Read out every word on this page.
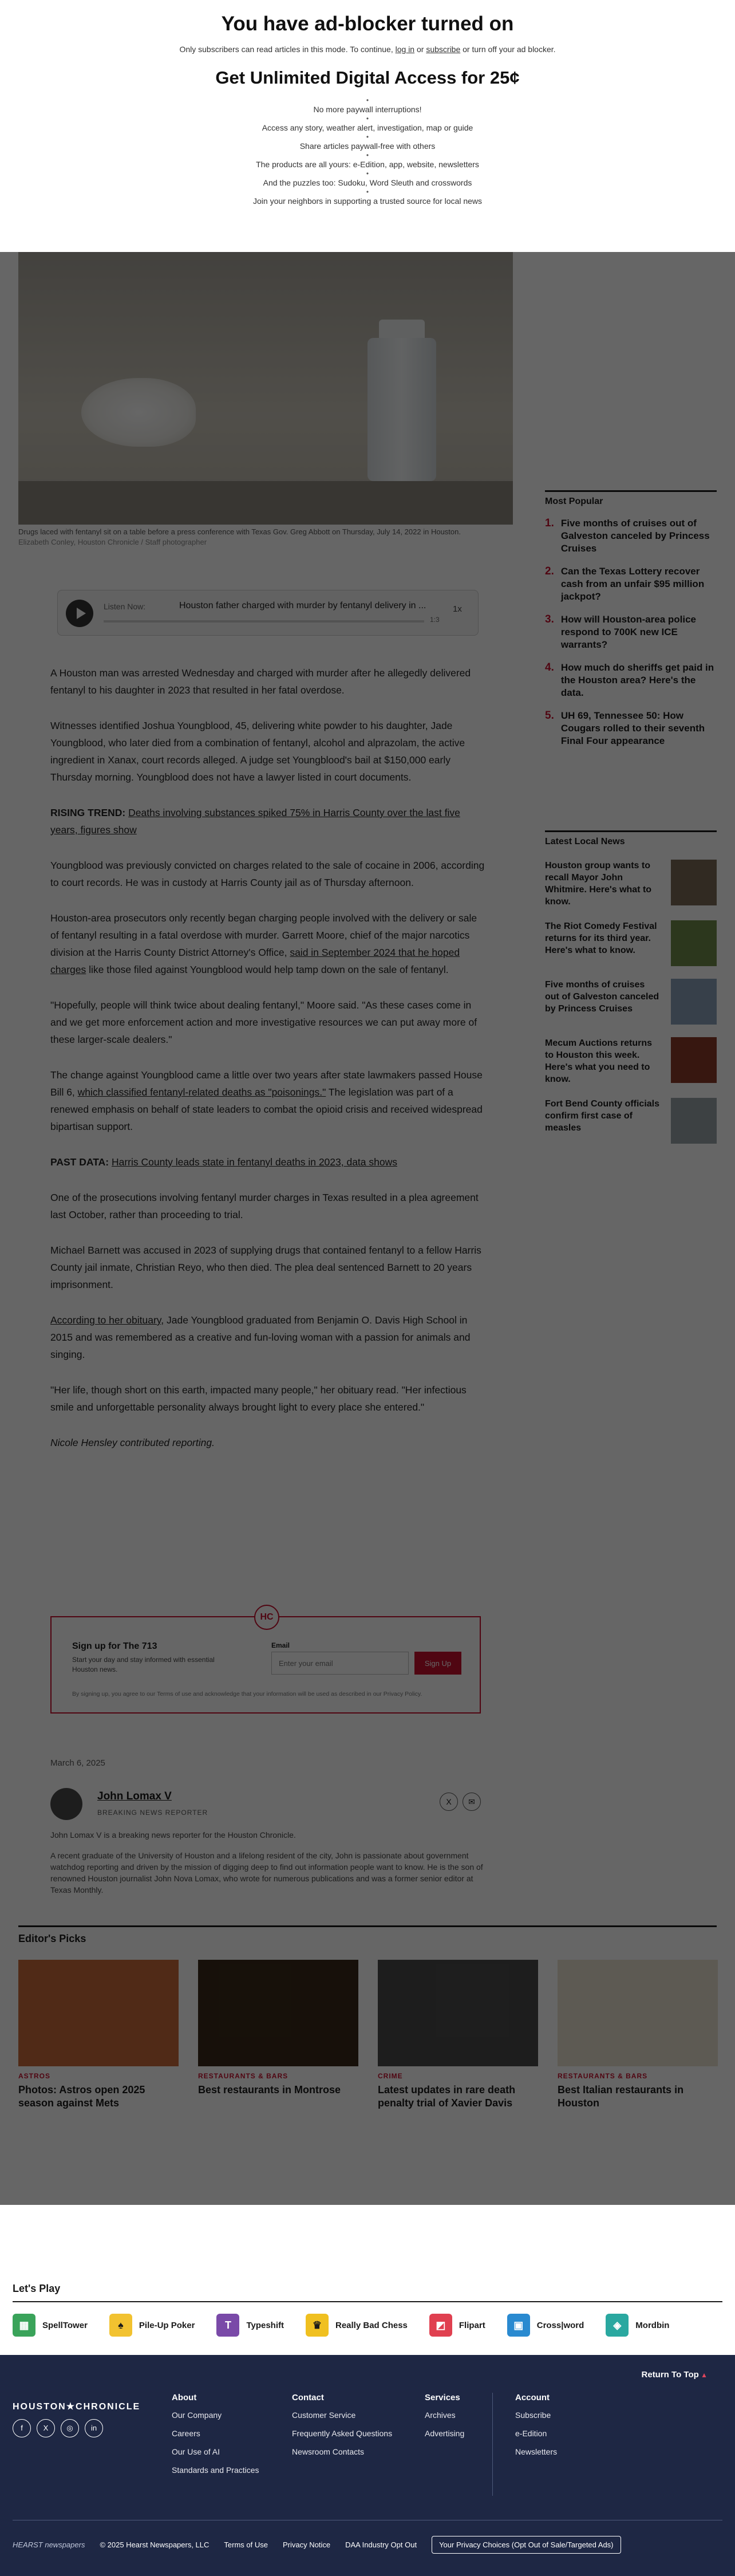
Enter your email
You have ad-blocker turned on

Only subscribers can read articles in this mode. To continue, log in or subscribe or turn off your ad blocker.

Get Unlimited Digital Access for 25¢
• No more paywall interruptions!
• Access any story, weather alert, investigation, map or guide
• Share articles paywall-free with others
• The products are all yours: e-Edition, app, website, newsletters
• And the puzzles too: Sudoku, Word Sleuth and crosswords
• Join your neighbors in supporting a trusted source for local news
Let's Play
▦	SpellTower	♠	Pile-Up Poker	T	Typeshift	♛	Really Bad Chess	◩	Flipart	▣	Cross|word	◈	Mordbin
Return To Top ▲
HOUSTON★CHRONICLE
f	X	◎	in
About
Our Company
Careers
Our Use of AI
Standards and Practices
Contact
Customer Service
Frequently Asked Questions
Newsroom Contacts
Services
Archives
Advertising
Account
Subscribe
e-Edition
Newsletters
HEARST newspapers © 2025 Hearst Newspapers, LLC Terms of Use Privacy Notice DAA Industry Opt Out	Your Privacy Choices (Opt Out of Sale/Targeted Ads)
